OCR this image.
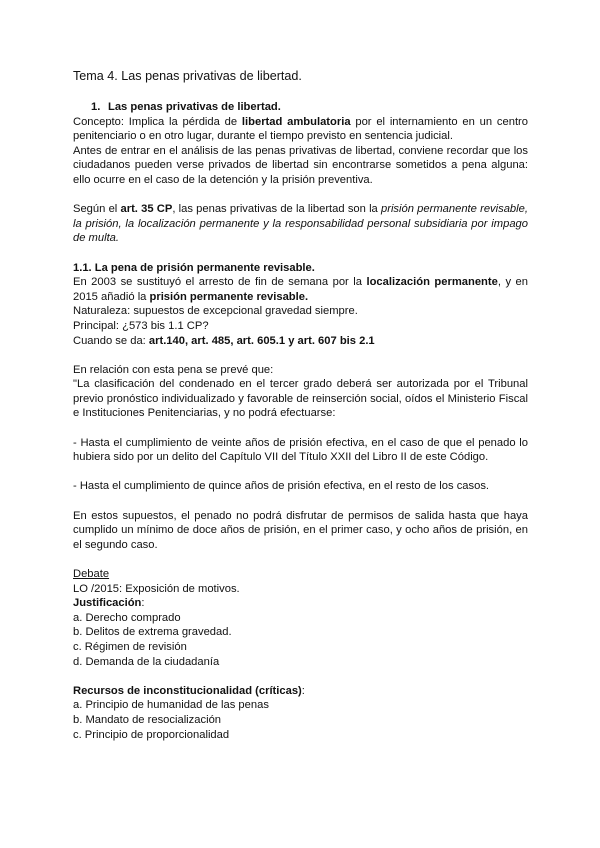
Tema 4. Las penas privativas de libertad.

1. Las penas privativas de libertad.

Concepto: Implica la pérdida de libertad ambulatoria por el internamiento en un centro penitenciario o en otro lugar, durante el tiempo previsto en sentencia judicial.

Antes de entrar en el análisis de las penas privativas de libertad, conviene recordar que los ciudadanos pueden verse privados de libertad sin encontrarse sometidos a pena alguna: ello ocurre en el caso de la detención y la prisión preventiva.

Según el art. 35 CP, las penas privativas de la libertad son la prisión permanente revisable, la prisión, la localización permanente y la responsabilidad personal subsidiaria por impago de multa.

1.1. La pena de prisión permanente revisable.

En 2003 se sustituyó el arresto de fin de semana por la localización permanente, y en 2015 añadió la prisión permanente revisable.

Naturaleza: supuestos de excepcional gravedad siempre.

Principal: ¿573 bis 1.1 CP?

Cuando se da: art.140, art. 485, art. 605.1 y art. 607 bis 2.1

En relación con esta pena se prevé que:

"La clasificación del condenado en el tercer grado deberá ser autorizada por el Tribunal previo pronóstico individualizado y favorable de reinserción social, oídos el Ministerio Fiscal e Instituciones Penitenciarias, y no podrá efectuarse:

- Hasta el cumplimiento de veinte años de prisión efectiva, en el caso de que el penado lo hubiera sido por un delito del Capítulo VII del Título XXII del Libro II de este Código.

- Hasta el cumplimiento de quince años de prisión efectiva, en el resto de los casos.

En estos supuestos, el penado no podrá disfrutar de permisos de salida hasta que haya cumplido un mínimo de doce años de prisión, en el primer caso, y ocho años de prisión, en el segundo caso.

Debate

LO /2015: Exposición de motivos.

Justificación:

a. Derecho comprado

b. Delitos de extrema gravedad.

c. Régimen de revisión

d. Demanda de la ciudadanía

Recursos de inconstitucionalidad (críticas):

a. Principio de humanidad de las penas

b. Mandato de resocialización

c. Principio de proporcionalidad
